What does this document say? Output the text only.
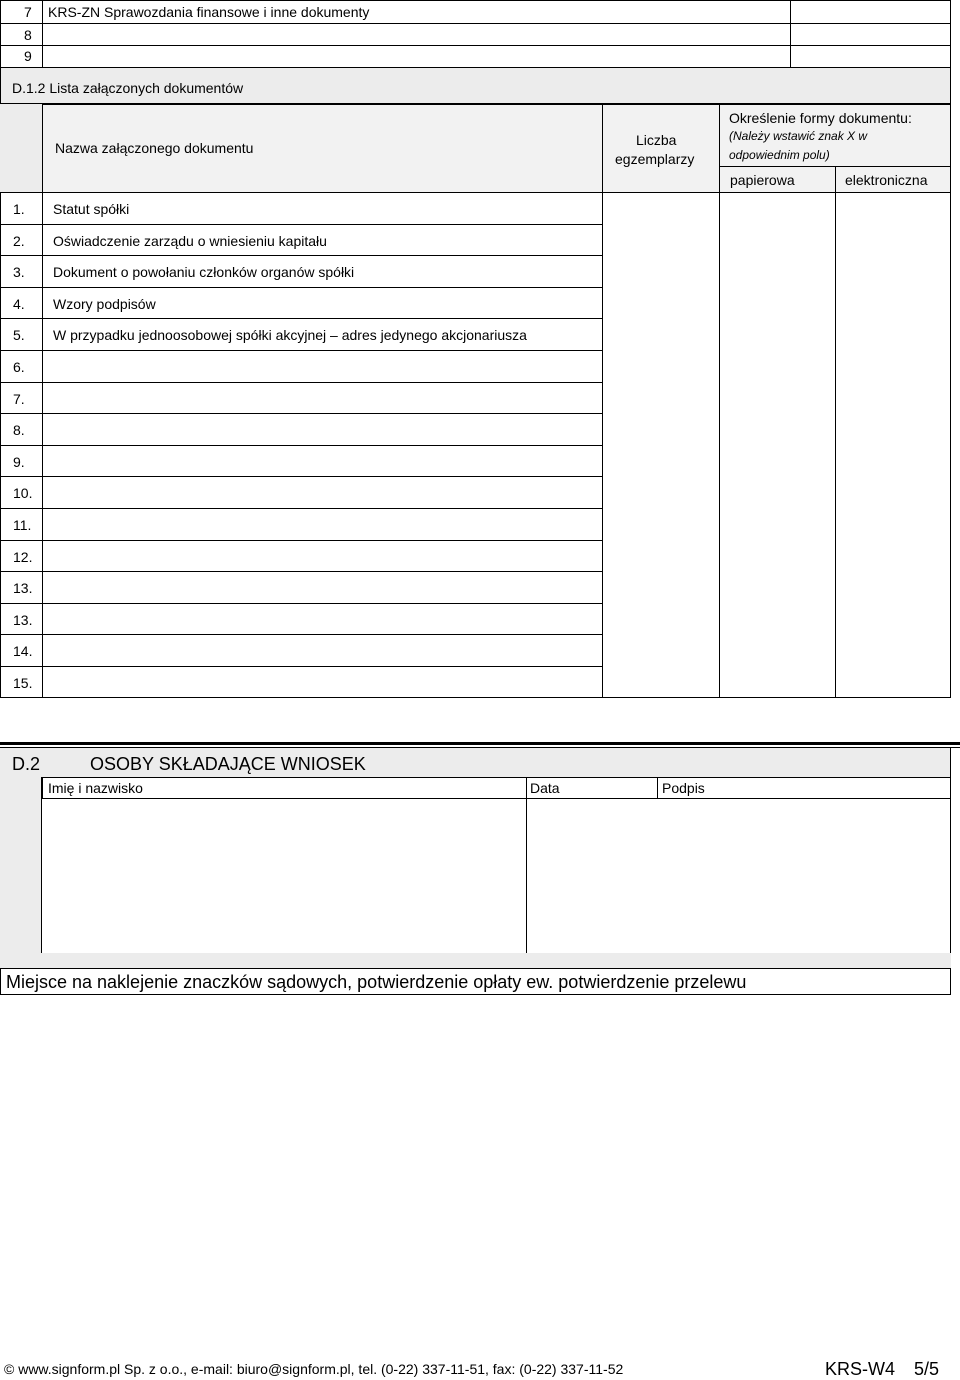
7 KRS-ZN Sprawozdania finansowe i inne dokumenty
8
9
D.1.2 Lista załączonych dokumentów
Nazwa załączonego dokumentu	Liczba
egzemplarzy
Określenie formy dokumentu:
(Należy wstawić znak X w
odpowiednim polu)
papierowa	elektroniczna
1. Statut spółki
2. Oświadczenie zarządu o wniesieniu kapitału
3. Dokument o powołaniu członków organów spółki
4. Wzory podpisów
5. W przypadku jednoosobowej spółki akcyjnej – adres jedynego akcjonariusza
6.
7.
8.
9.
10.
11.
12.
13.
13.
14.
15.
D.2	OSOBY SKŁADAJĄCE WNIOSEK
Imię i nazwisko	Data	Podpis
Miejsce na naklejenie znaczków sądowych, potwierdzenie opłaty ew. potwierdzenie przelewu
© www.signform.pl Sp. z o.o., e-mail: biuro@signform.pl, tel. (0-22) 337-11-51, fax: (0-22) 337-11-52	KRS-W4 5/5
